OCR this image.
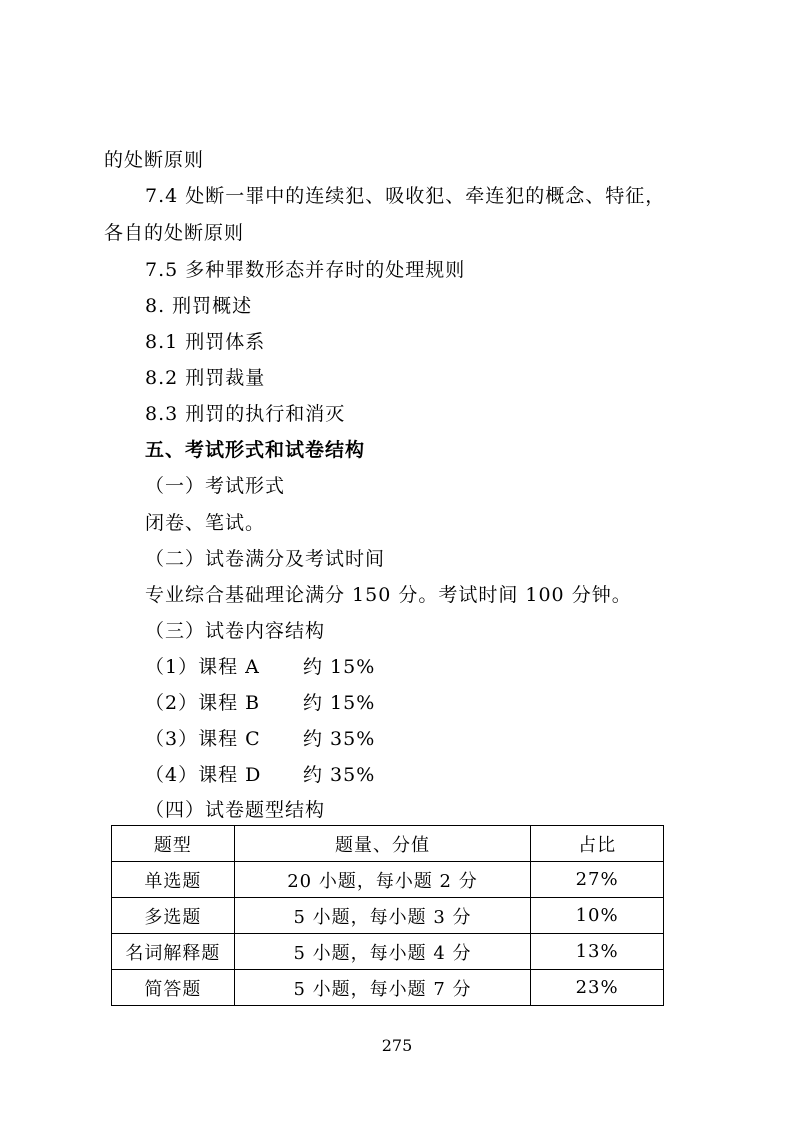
的处断原则
7.4 处断一罪中的连续犯、吸收犯、牵连犯的概念、特征，
各自的处断原则
7.5 多种罪数形态并存时的处理规则
8. 刑罚概述
8.1 刑罚体系
8.2 刑罚裁量
8.3 刑罚的执行和消灭
五、考试形式和试卷结构
（一）考试形式
闭卷、笔试。
（二）试卷满分及考试时间
专业综合基础理论满分 150 分。考试时间 100 分钟。
（三）试卷内容结构
（1）课程 A 约 15%
（2）课程 B 约 15%
（3）课程 C 约 35%
（4）课程 D 约 35%
（四）试卷题型结构
题型	题量、分值	占比
单选题	20 小题，每小题 2 分	27%
多选题	5 小题，每小题 3 分	10%
名词解释题	5 小题，每小题 4 分	13%
简答题	5 小题，每小题 7 分	23%
275
